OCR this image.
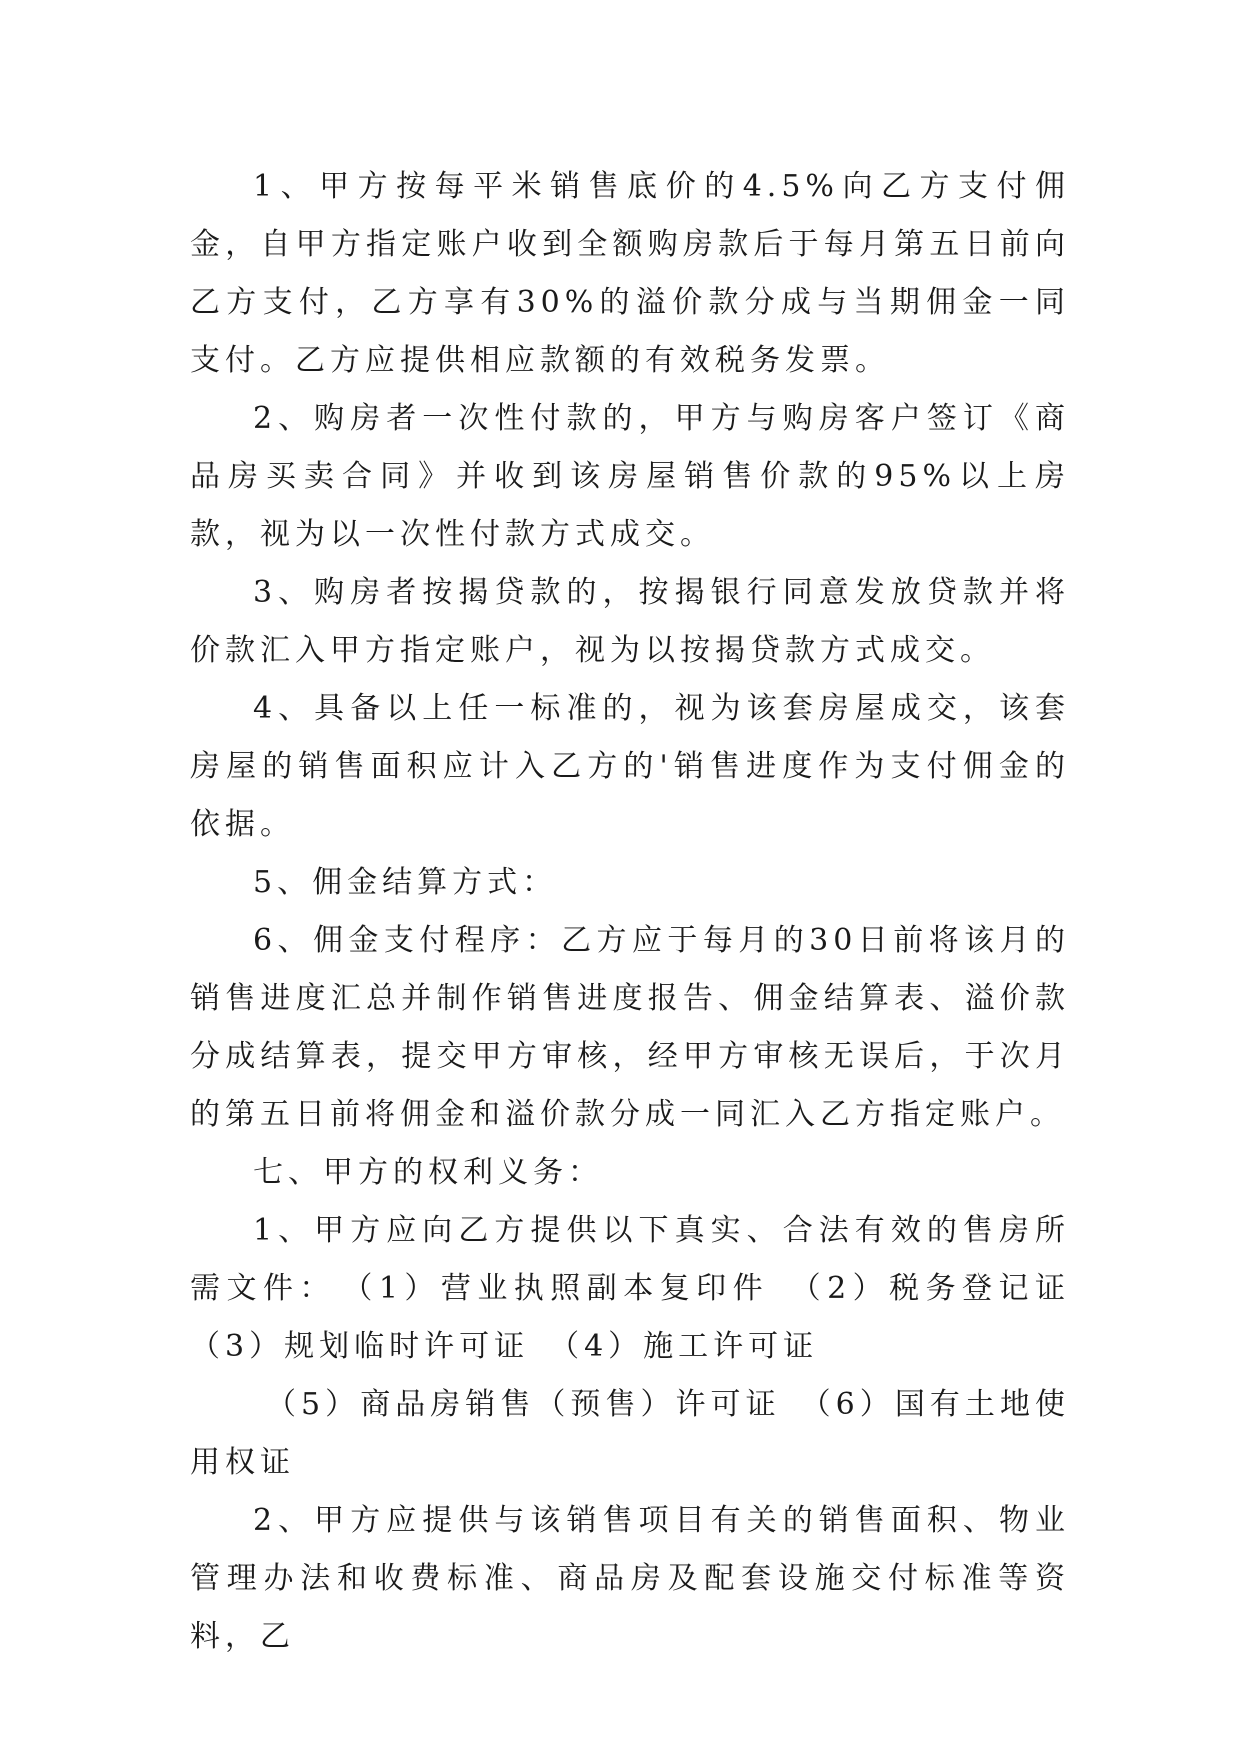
1、甲方按每平米销售底价的4.5%向乙方支付佣金，自甲方指定账户收到全额购房款后于每月第五日前向乙方支付，乙方享有30%的溢价款分成与当期佣金一同支付。乙方应提供相应款额的有效税务发票。

2、购房者一次性付款的，甲方与购房客户签订《商品房买卖合同》并收到该房屋销售价款的95%以上房款，视为以一次性付款方式成交。

3、购房者按揭贷款的，按揭银行同意发放贷款并将价款汇入甲方指定账户，视为以按揭贷款方式成交。

4、具备以上任一标准的，视为该套房屋成交，该套房屋的销售面积应计入乙方的'销售进度作为支付佣金的依据。

5、佣金结算方式：

6、佣金支付程序：乙方应于每月的30日前将该月的销售进度汇总并制作销售进度报告、佣金结算表、溢价款分成结算表，提交甲方审核，经甲方审核无误后，于次月的第五日前将佣金和溢价款分成一同汇入乙方指定账户。

七、甲方的权利义务：

1、甲方应向乙方提供以下真实、合法有效的售房所需文件：　（1）营业执照副本复印件　（2）税务登记证　（3）规划临时许可证　（4）施工许可证

（5）商品房销售（预售）许可证　（6）国有土地使用权证

2、甲方应提供与该销售项目有关的销售面积、物业管理办法和收费标准、商品房及配套设施交付标准等资料，乙
